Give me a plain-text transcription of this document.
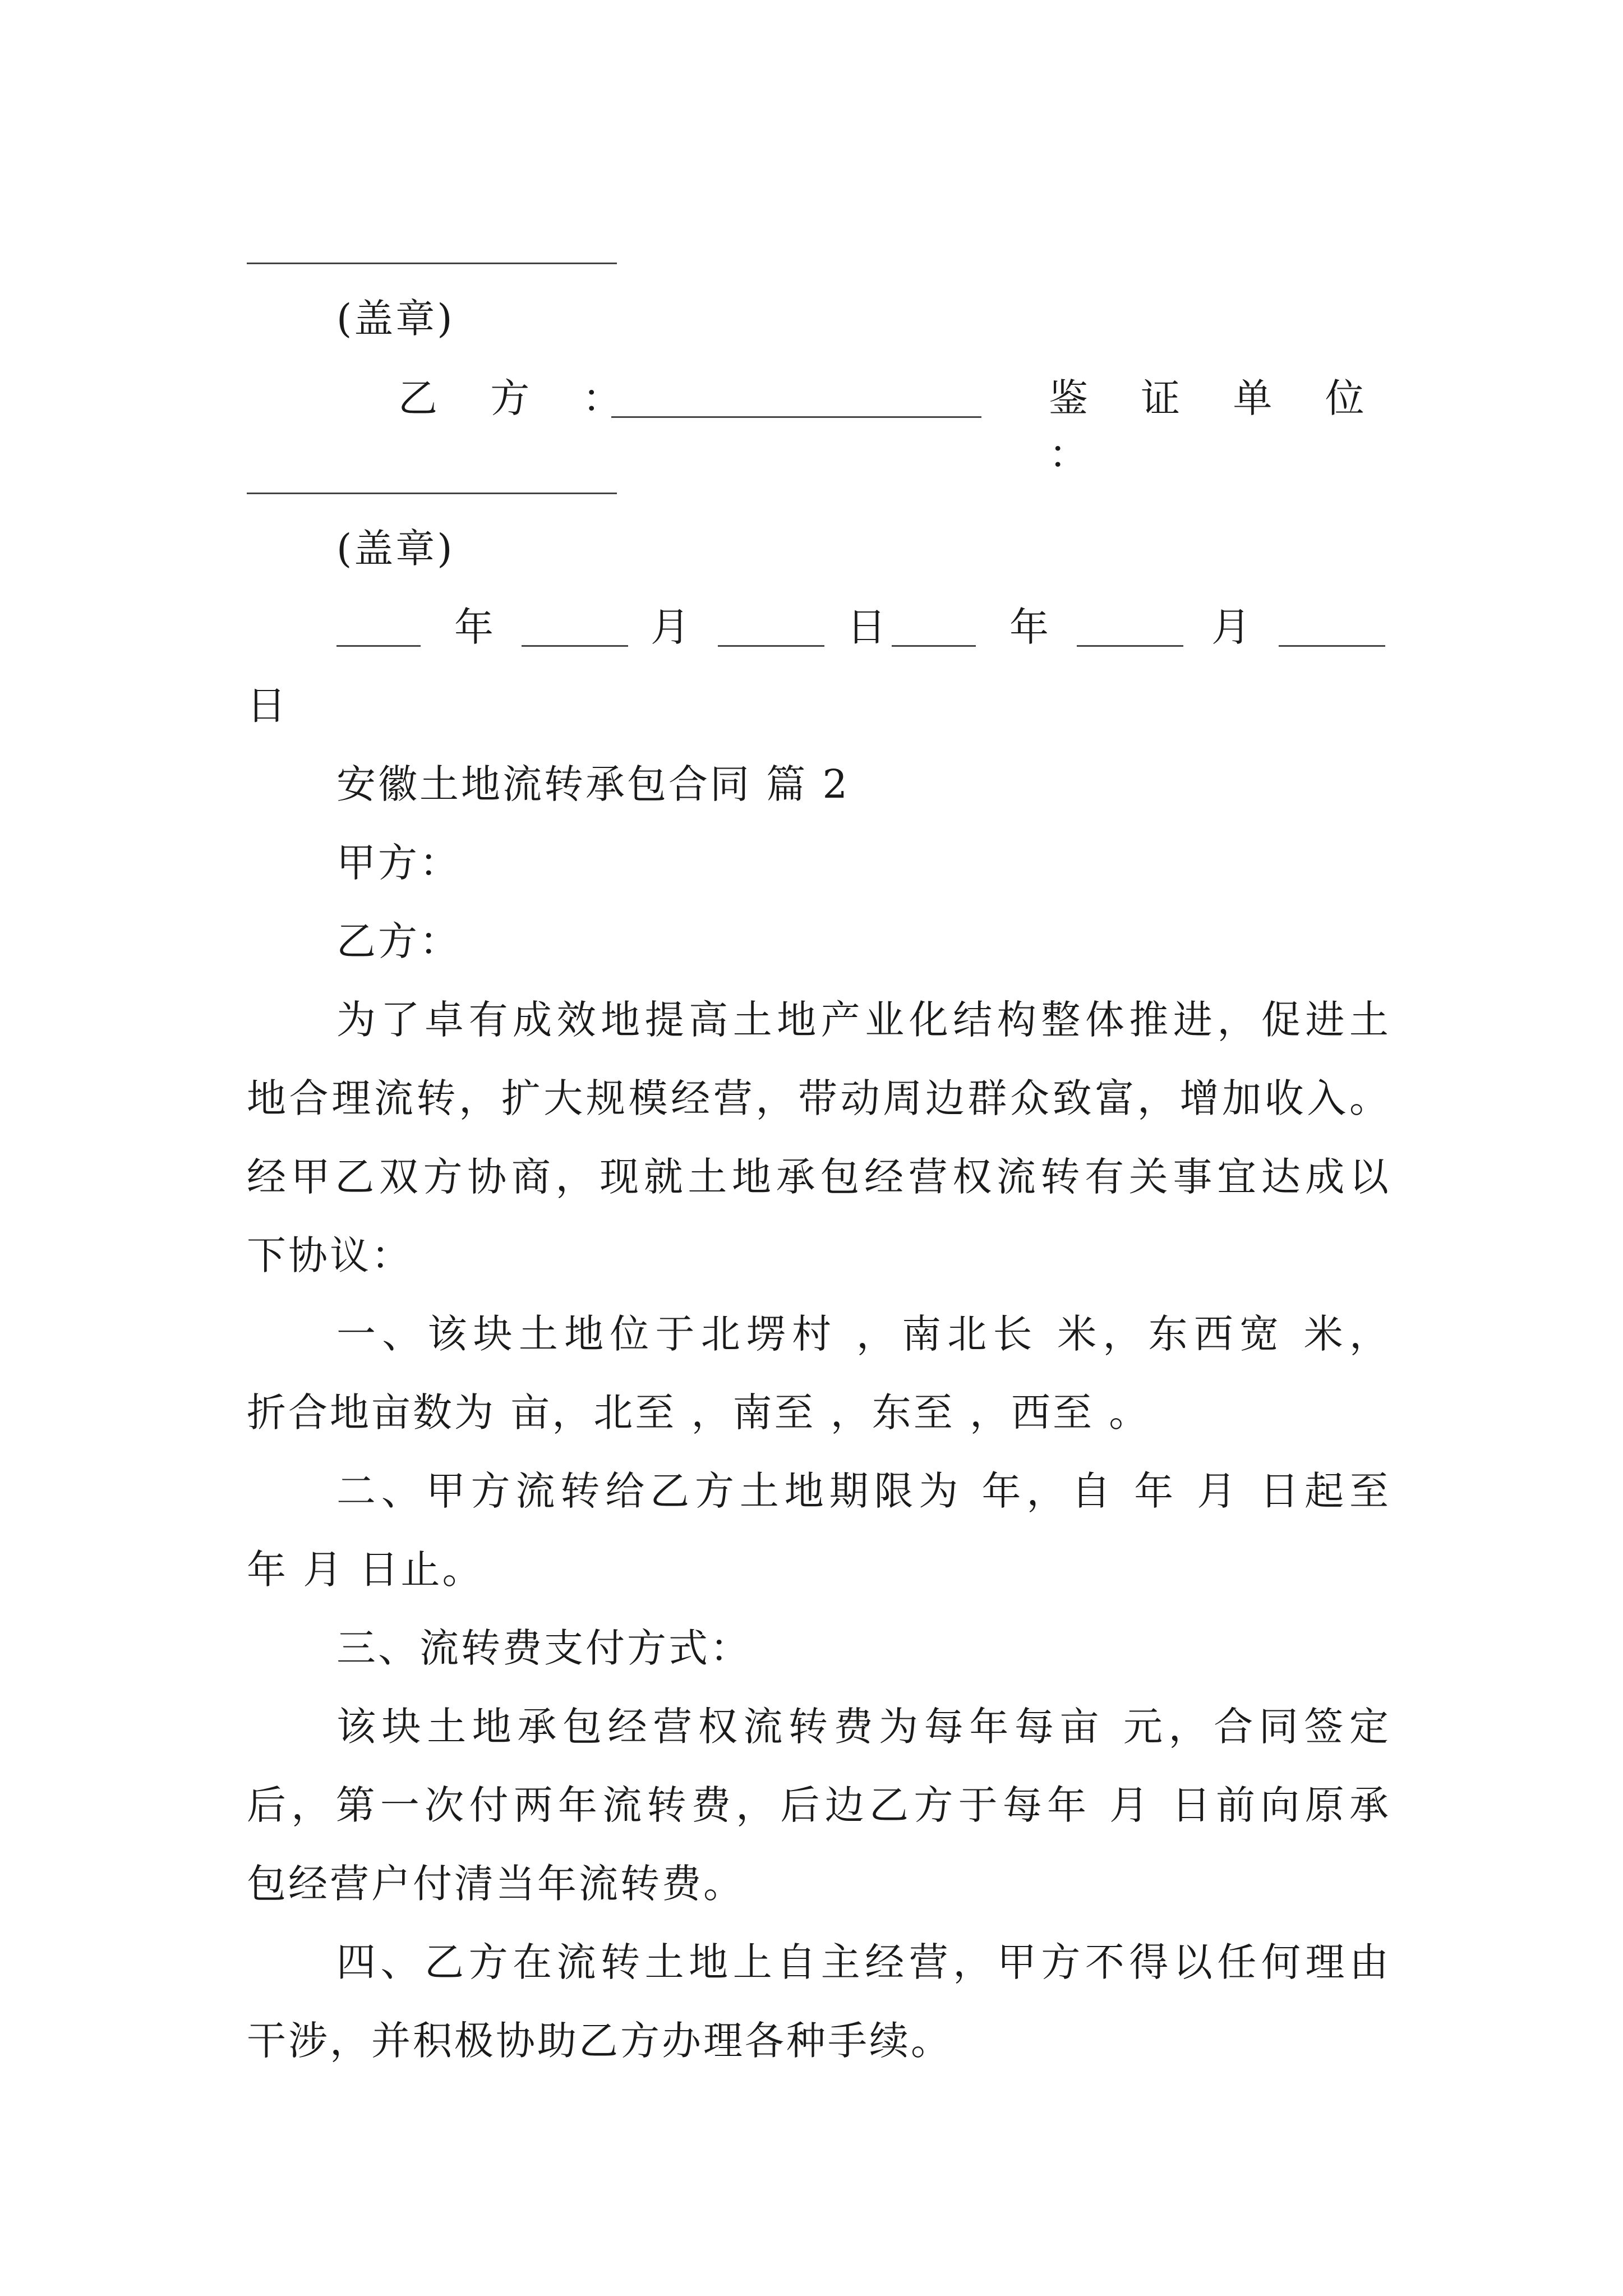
(盖章)
乙 方 ：	鉴 证 单 位 ：
(盖章)
年	月	日	年	月
日
安徽土地流转承包合同 篇 2
甲方：
乙方：
为了卓有成效地提高土地产业化结构整体推进，促进土
地合理流转，扩大规模经营，带动周边群众致富，增加收入。
经甲乙双方协商，现就土地承包经营权流转有关事宜达成以
下协议：
一、该块土地位于北塄村 ，南北长 米，东西宽 米，
折合地亩数为 亩，北至 ，南至 ，东至 ，西至 。
二、甲方流转给乙方土地期限为 年，自 年 月 日起至
年 月 日止。
三、流转费支付方式：
该块土地承包经营权流转费为每年每亩 元，合同签定
后，第一次付两年流转费，后边乙方于每年 月 日前向原承
包经营户付清当年流转费。
四、乙方在流转土地上自主经营，甲方不得以任何理由
干涉，并积极协助乙方办理各种手续。
